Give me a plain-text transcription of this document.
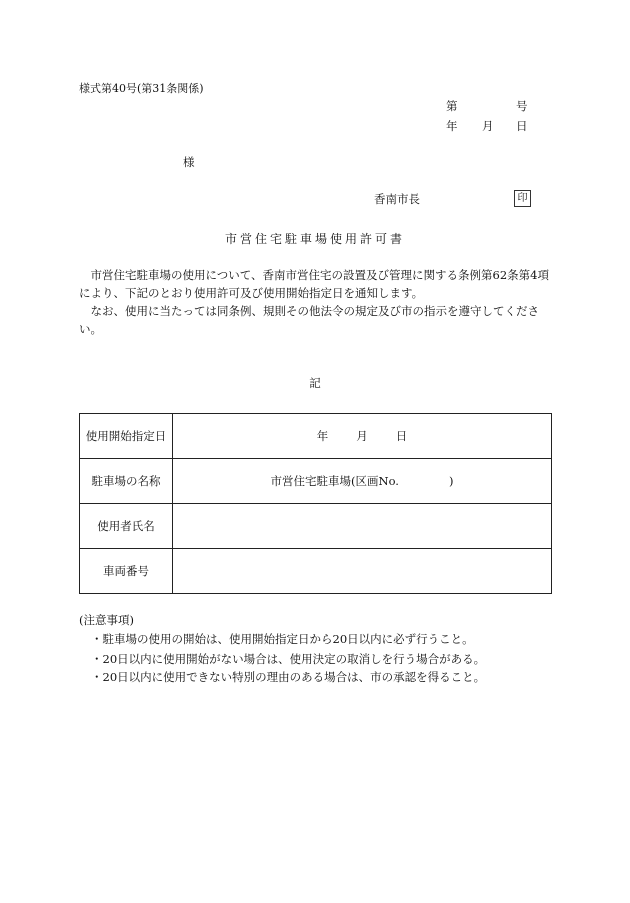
様式第40号(第31条関係)
第	号
年 月 日
様
香南市長	印
市営住宅駐車場使用許可書

市営住宅駐車場の使用について、香南市営住宅の設置及び管理に関する条例第62条第4項により、下記のとおり使用許可及び使用開始指定日を通知します。

なお、使用に当たっては同条例、規則その他法令の規定及び市の指示を遵守してください。

記
使用開始指定日	年 月 日
駐車場の名称	市営住宅駐車場(区画No. )
使用者氏名	
車両番号	
(注意事項)
・駐車場の使用の開始は、使用開始指定日から20日以内に必ず行うこと。
・20日以内に使用開始がない場合は、使用決定の取消しを行う場合がある。
・20日以内に使用できない特別の理由のある場合は、市の承認を得ること。
